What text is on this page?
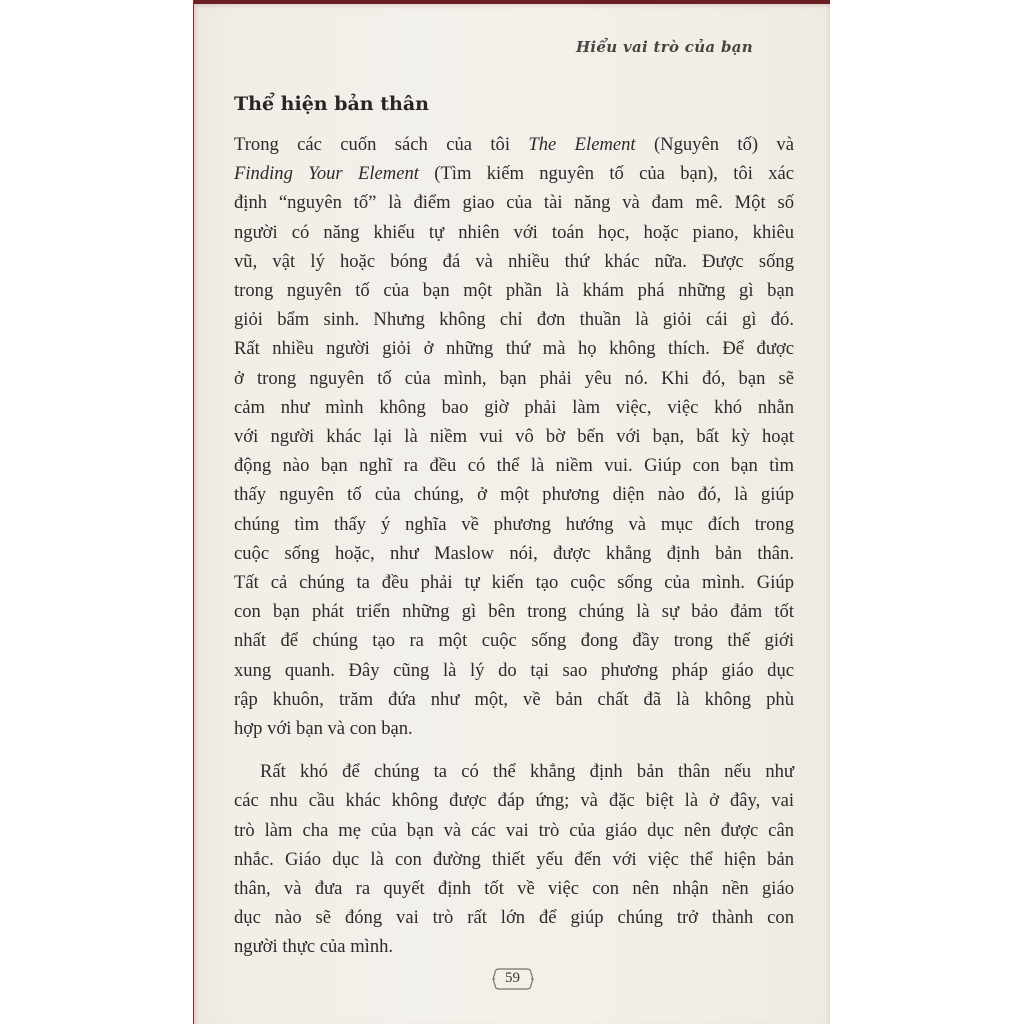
Hiểu vai trò của bạn
Thể hiện bản thân

Trong các cuốn sách của tôi The Element (Nguyên tố) và
Finding Your Element (Tìm kiếm nguyên tố của bạn), tôi xác
định “nguyên tố” là điểm giao của tài năng và đam mê. Một số
người có năng khiếu tự nhiên với toán học, hoặc piano, khiêu
vũ, vật lý hoặc bóng đá và nhiều thứ khác nữa. Được sống
trong nguyên tố của bạn một phần là khám phá những gì bạn
giỏi bẩm sinh. Nhưng không chỉ đơn thuần là giỏi cái gì đó.
Rất nhiều người giỏi ở những thứ mà họ không thích. Để được
ở trong nguyên tố của mình, bạn phải yêu nó. Khi đó, bạn sẽ
cảm như mình không bao giờ phải làm việc, việc khó nhằn
với người khác lại là niềm vui vô bờ bến với bạn, bất kỳ hoạt
động nào bạn nghĩ ra đều có thể là niềm vui. Giúp con bạn tìm
thấy nguyên tố của chúng, ở một phương diện nào đó, là giúp
chúng tìm thấy ý nghĩa về phương hướng và mục đích trong
cuộc sống hoặc, như Maslow nói, được khẳng định bản thân.
Tất cả chúng ta đều phải tự kiến tạo cuộc sống của mình. Giúp
con bạn phát triển những gì bên trong chúng là sự bảo đảm tốt
nhất để chúng tạo ra một cuộc sống đong đầy trong thế giới
xung quanh. Đây cũng là lý do tại sao phương pháp giáo dục
rập khuôn, trăm đứa như một, về bản chất đã là không phù
hợp với bạn và con bạn.

Rất khó để chúng ta có thể khẳng định bản thân nếu như
các nhu cầu khác không được đáp ứng; và đặc biệt là ở đây, vai
trò làm cha mẹ của bạn và các vai trò của giáo dục nên được cân
nhắc. Giáo dục là con đường thiết yếu đến với việc thể hiện bản
thân, và đưa ra quyết định tốt về việc con nên nhận nền giáo
dục nào sẽ đóng vai trò rất lớn để giúp chúng trở thành con
người thực của mình.

59
